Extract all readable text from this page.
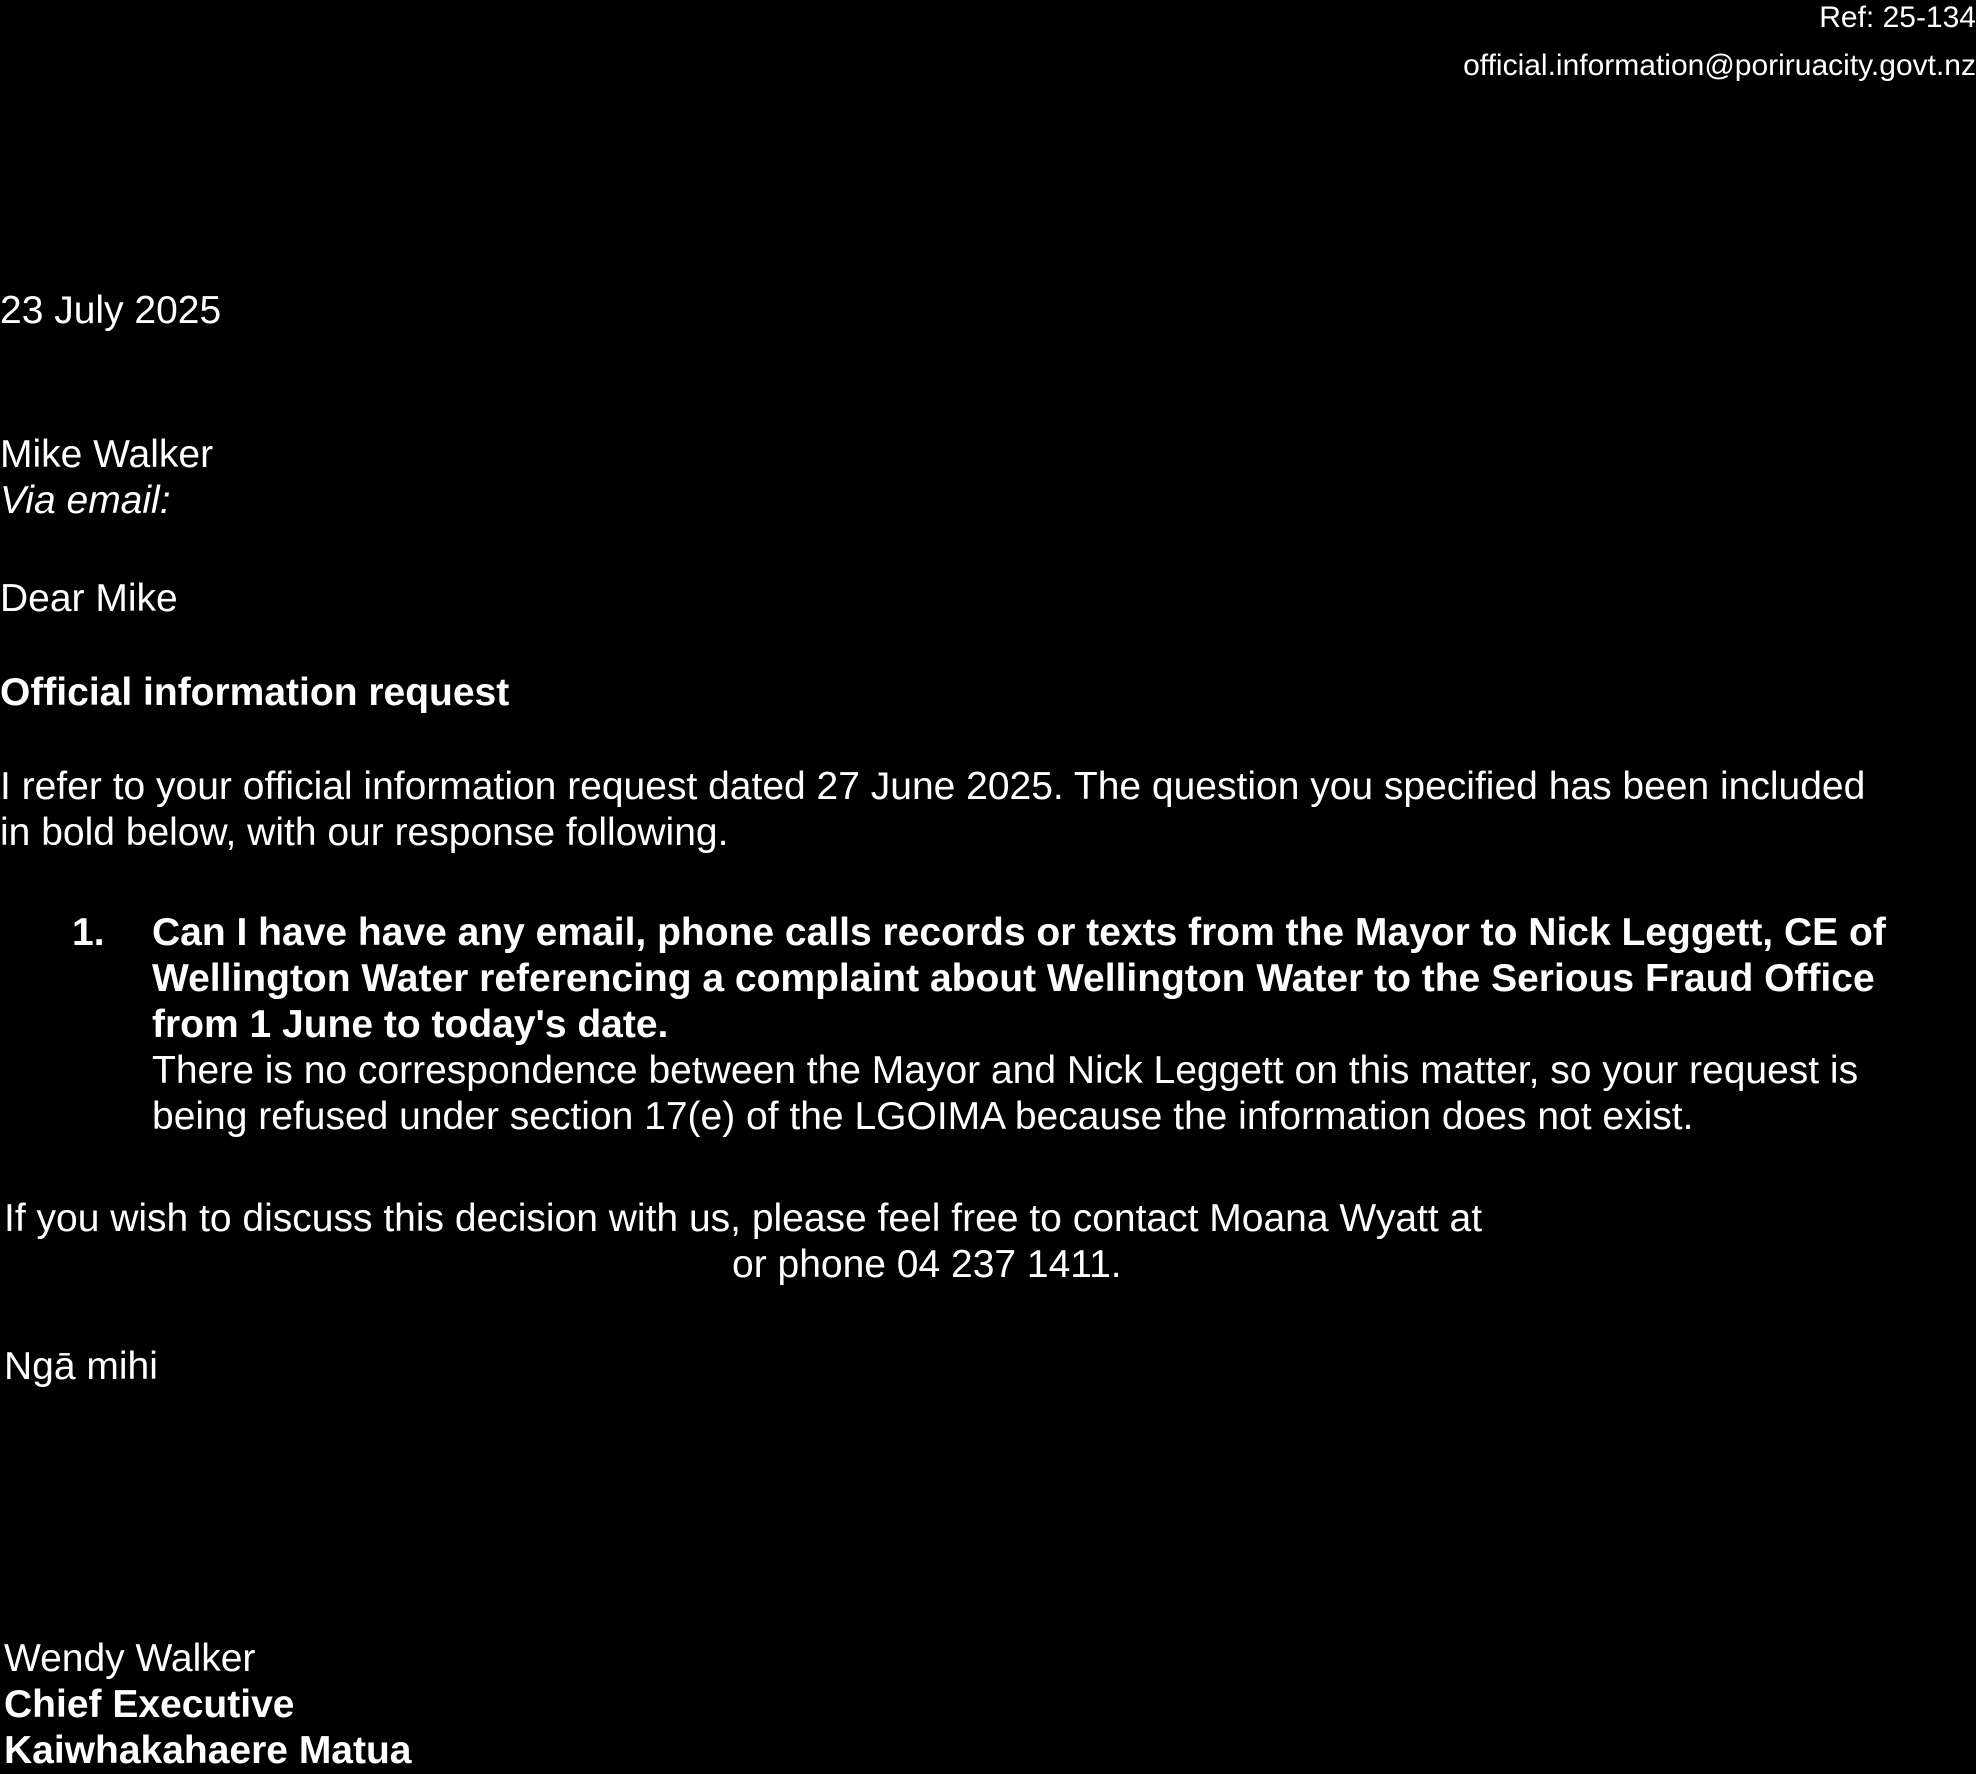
Ref: 25-134
official.information@poriruacity.govt.nz
23 July 2025
Mike Walker
Via email:
Dear Mike
Official information request
I refer to your official information request dated 27 June 2025. The question you specified has been included in bold below, with our response following.
1. Can I have have any email, phone calls records or texts from the Mayor to Nick Leggett, CE of Wellington Water referencing a complaint about Wellington Water to the Serious Fraud Office from 1 June to today's date.
There is no correspondence between the Mayor and Nick Leggett on this matter, so your request is being refused under section 17(e) of the LGOIMA because the information does not exist.
If you wish to discuss this decision with us, please feel free to contact Moana Wyatt at
or phone 04 237 1411.
Ngā mihi
Wendy Walker
Chief Executive
Kaiwhakahaere Matua
